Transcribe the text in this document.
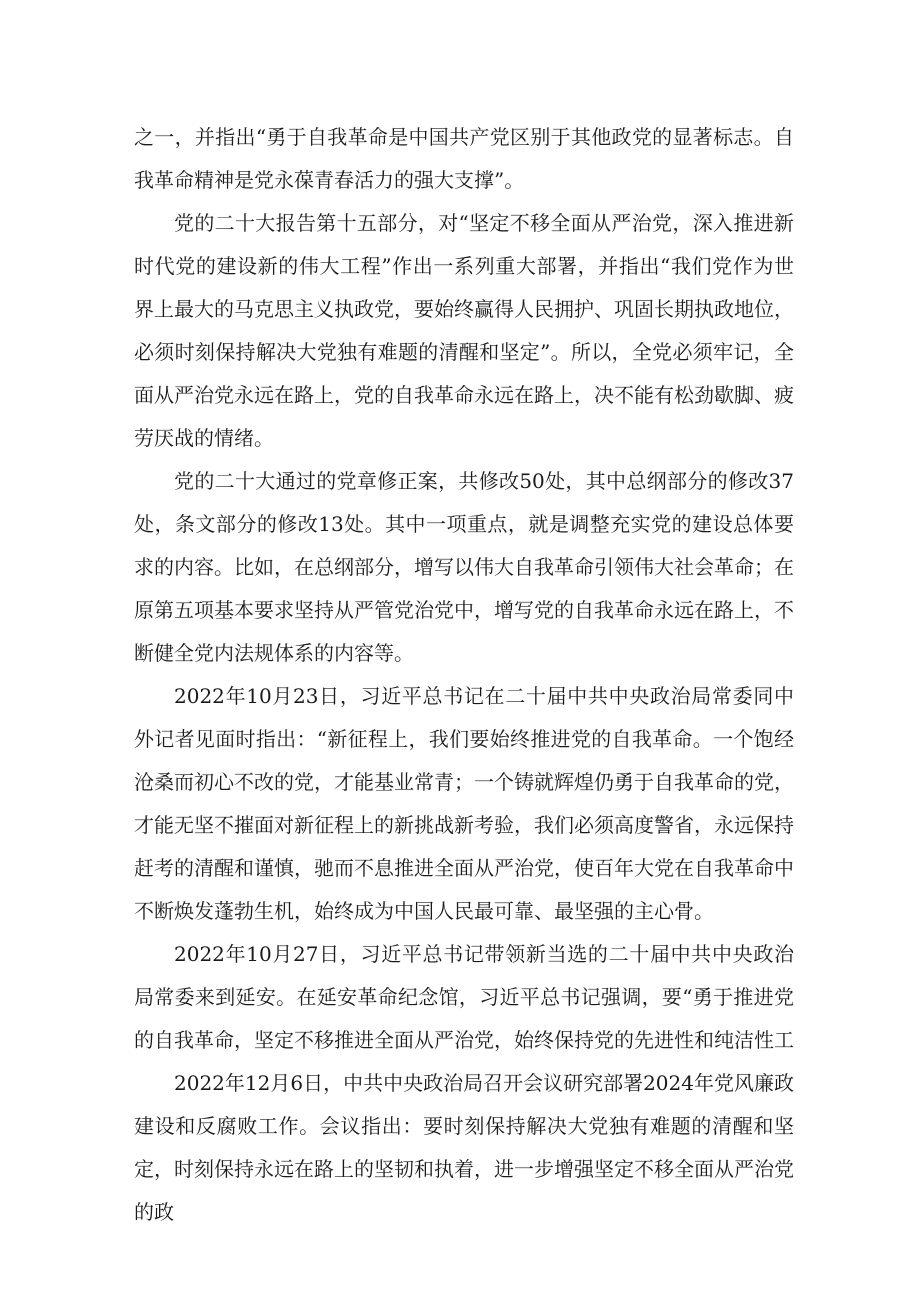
之一，并指出“勇于自我革命是中国共产党区别于其他政党的显著标志。自我革命精神是党永葆青春活力的强大支撑”。

党的二十大报告第十五部分，对“坚定不移全面从严治党，深入推进新时代党的建设新的伟大工程”作出一系列重大部署，并指出“我们党作为世界上最大的马克思主义执政党，要始终赢得人民拥护、巩固长期执政地位，必须时刻保持解决大党独有难题的清醒和坚定”。所以，全党必须牢记，全面从严治党永远在路上，党的自我革命永远在路上，决不能有松劲歇脚、疲劳厌战的情绪。

党的二十大通过的党章修正案，共修改50处，其中总纲部分的修改37处，条文部分的修改13处。其中一项重点，就是调整充实党的建设总体要求的内容。比如，在总纲部分，增写以伟大自我革命引领伟大社会革命；在原第五项基本要求坚持从严管党治党中，增写党的自我革命永远在路上，不断健全党内法规体系的内容等。

2022年10月23日，习近平总书记在二十届中共中央政治局常委同中外记者见面时指出：“新征程上，我们要始终推进党的自我革命。一个饱经沧桑而初心不改的党，才能基业常青；一个铸就辉煌仍勇于自我革命的党，才能无坚不摧面对新征程上的新挑战新考验，我们必须高度警省，永远保持赶考的清醒和谨慎，驰而不息推进全面从严治党，使百年大党在自我革命中不断焕发蓬勃生机，始终成为中国人民最可靠、最坚强的主心骨。

2022年10月27日，习近平总书记带领新当选的二十届中共中央政治局常委来到延安。在延安革命纪念馆，习近平总书记强调，要“勇于推进党的自我革命，坚定不移推进全面从严治党，始终保持党的先进性和纯洁性工

2022年12月6日，中共中央政治局召开会议研究部署2024年党风廉政建设和反腐败工作。会议指出：要时刻保持解决大党独有难题的清醒和坚定，时刻保持永远在路上的坚韧和执着，进一步增强坚定不移全面从严治党的政
